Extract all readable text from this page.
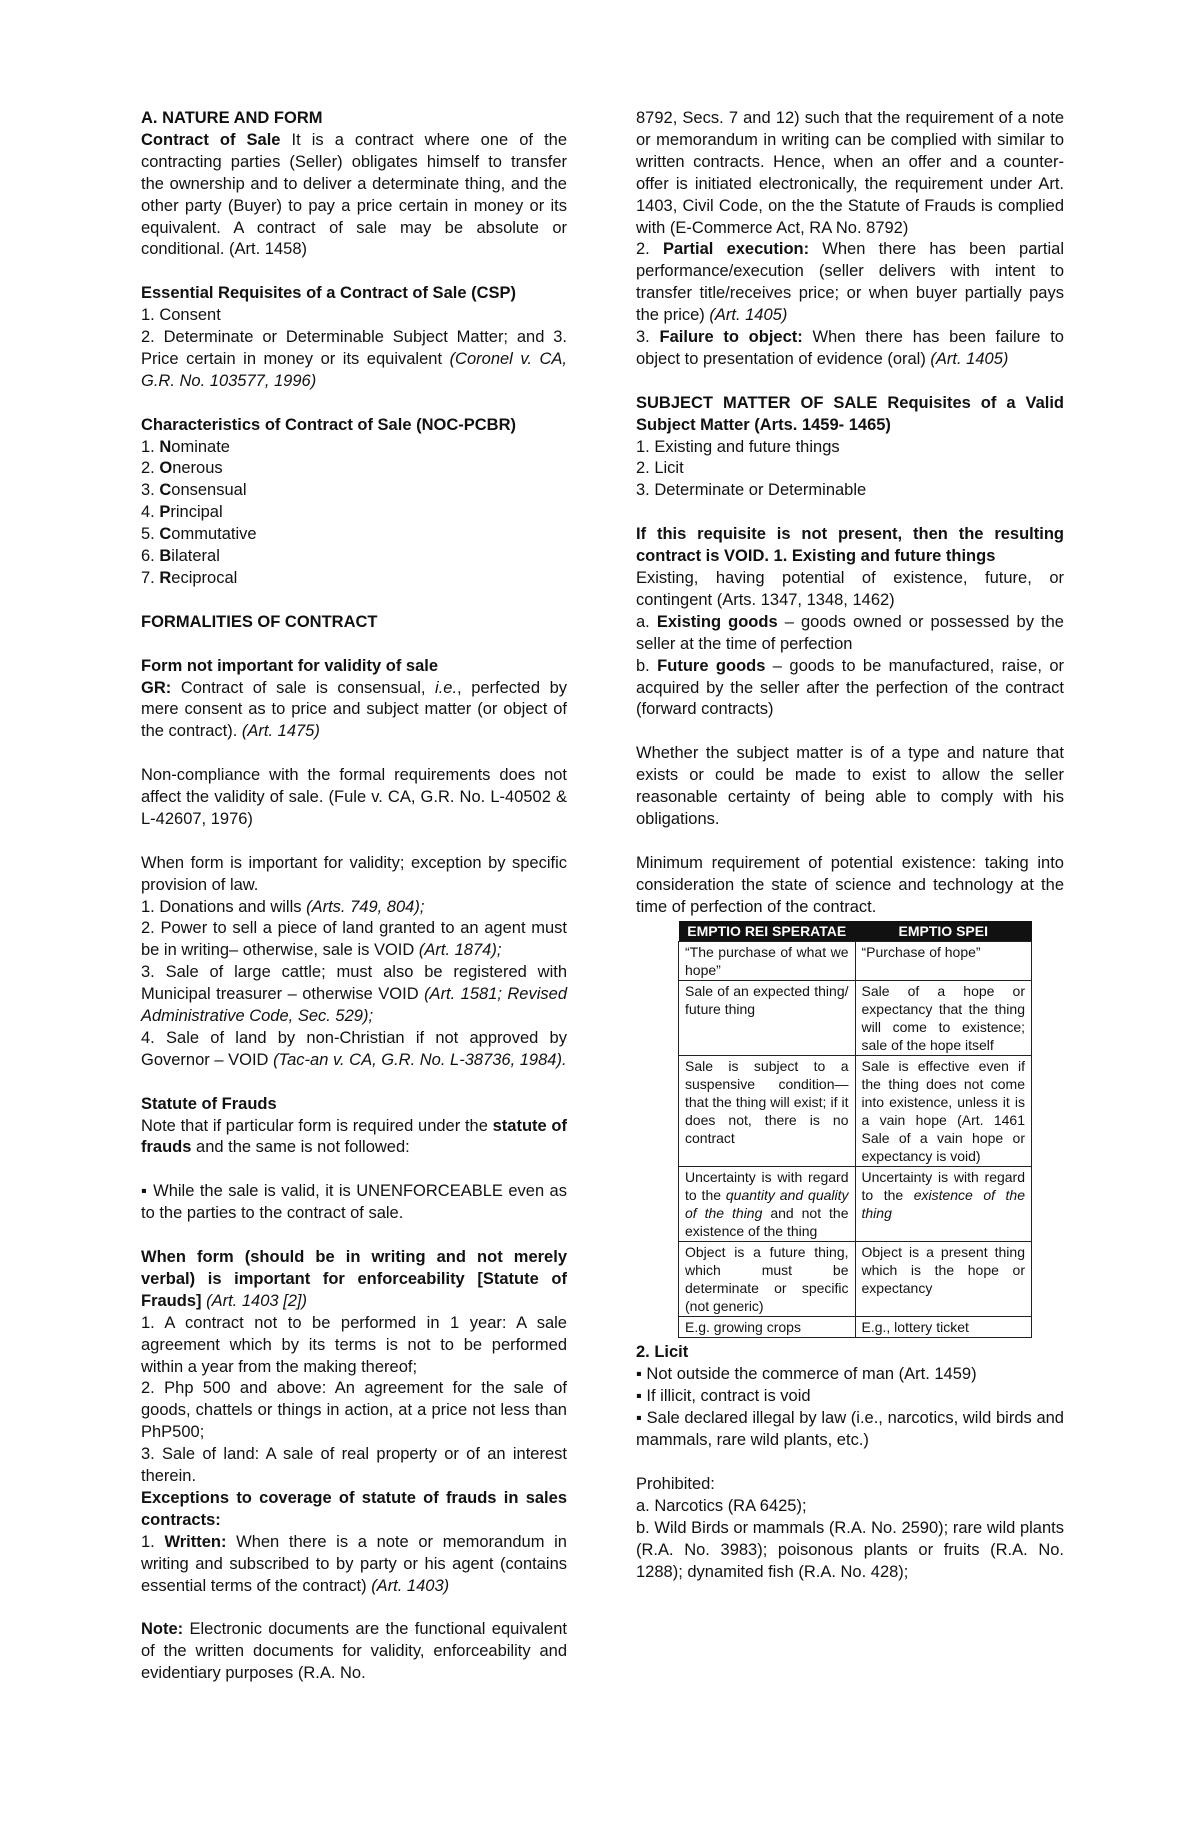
A. NATURE AND FORM

Contract of Sale It is a contract where one of the contracting parties (Seller) obligates himself to transfer the ownership and to deliver a determinate thing, and the other party (Buyer) to pay a price certain in money or its equivalent. A contract of sale may be absolute or conditional. (Art. 1458)

Essential Requisites of a Contract of Sale (CSP)

1. Consent

2. Determinate or Determinable Subject Matter; and 3. Price certain in money or its equivalent (Coronel v. CA, G.R. No. 103577, 1996)

Characteristics of Contract of Sale (NOC-PCBR)

1. Nominate

2. Onerous

3. Consensual

4. Principal

5. Commutative

6. Bilateral

7. Reciprocal

FORMALITIES OF CONTRACT

Form not important for validity of sale

GR: Contract of sale is consensual, i.e., perfected by mere consent as to price and subject matter (or object of the contract). (Art. 1475)

Non-compliance with the formal requirements does not affect the validity of sale. (Fule v. CA, G.R. No. L-40502 & L-42607, 1976)

When form is important for validity; exception by specific provision of law.

1. Donations and wills (Arts. 749, 804);

2. Power to sell a piece of land granted to an agent must be in writing– otherwise, sale is VOID (Art. 1874);

3. Sale of large cattle; must also be registered with Municipal treasurer – otherwise VOID (Art. 1581; Revised Administrative Code, Sec. 529);

4. Sale of land by non-Christian if not approved by Governor – VOID (Tac-an v. CA, G.R. No. L-38736, 1984).

Statute of Frauds

Note that if particular form is required under the statute of frauds and the same is not followed:

▪ While the sale is valid, it is UNENFORCEABLE even as to the parties to the contract of sale.

When form (should be in writing and not merely verbal) is important for enforceability [Statute of Frauds] (Art. 1403 [2])

1. A contract not to be performed in 1 year: A sale agreement which by its terms is not to be performed within a year from the making thereof;

2. Php 500 and above: An agreement for the sale of goods, chattels or things in action, at a price not less than PhP500;

3. Sale of land: A sale of real property or of an interest therein.

Exceptions to coverage of statute of frauds in sales contracts:

1. Written: When there is a note or memorandum in writing and subscribed to by party or his agent (contains essential terms of the contract) (Art. 1403)

Note: Electronic documents are the functional equivalent of the written documents for validity, enforceability and evidentiary purposes (R.A. No.

8792, Secs. 7 and 12) such that the requirement of a note or memorandum in writing can be complied with similar to written contracts. Hence, when an offer and a counter-offer is initiated electronically, the requirement under Art. 1403, Civil Code, on the the Statute of Frauds is complied with (E-Commerce Act, RA No. 8792)

2. Partial execution: When there has been partial performance/execution (seller delivers with intent to transfer title/receives price; or when buyer partially pays the price) (Art. 1405)

3. Failure to object: When there has been failure to object to presentation of evidence (oral) (Art. 1405)

SUBJECT MATTER OF SALE Requisites of a Valid Subject Matter (Arts. 1459- 1465)

1. Existing and future things

2. Licit

3. Determinate or Determinable

If this requisite is not present, then the resulting contract is VOID. 1. Existing and future things

Existing, having potential of existence, future, or contingent (Arts. 1347, 1348, 1462)

a. Existing goods – goods owned or possessed by the seller at the time of perfection

b. Future goods – goods to be manufactured, raise, or acquired by the seller after the perfection of the contract (forward contracts)

Whether the subject matter is of a type and nature that exists or could be made to exist to allow the seller reasonable certainty of being able to comply with his obligations.

Minimum requirement of potential existence: taking into consideration the state of science and technology at the time of perfection of the contract.

EMPTIO REI SPERATAE	EMPTIO SPEI
“The purchase of what we hope”	“Purchase of hope”
Sale of an expected thing/ future thing	Sale of a hope or expectancy that the thing will come to existence; sale of the hope itself
Sale is subject to a suspensive condition—that the thing will exist; if it does not, there is no contract	Sale is effective even if the thing does not come into existence, unless it is a vain hope (Art. 1461 Sale of a vain hope or expectancy is void)
Uncertainty is with regard to the quantity and quality of the thing and not the existence of the thing	Uncertainty is with regard to the existence of the thing
Object is a future thing, which must be determinate or specific (not generic)	Object is a present thing which is the hope or expectancy
E.g. growing crops	E.g., lottery ticket

2. Licit

▪ Not outside the commerce of man (Art. 1459)

▪ If illicit, contract is void

▪ Sale declared illegal by law (i.e., narcotics, wild birds and mammals, rare wild plants, etc.)

Prohibited:

a. Narcotics (RA 6425);

b. Wild Birds or mammals (R.A. No. 2590); rare wild plants (R.A. No. 3983); poisonous plants or fruits (R.A. No. 1288); dynamited fish (R.A. No. 428);
